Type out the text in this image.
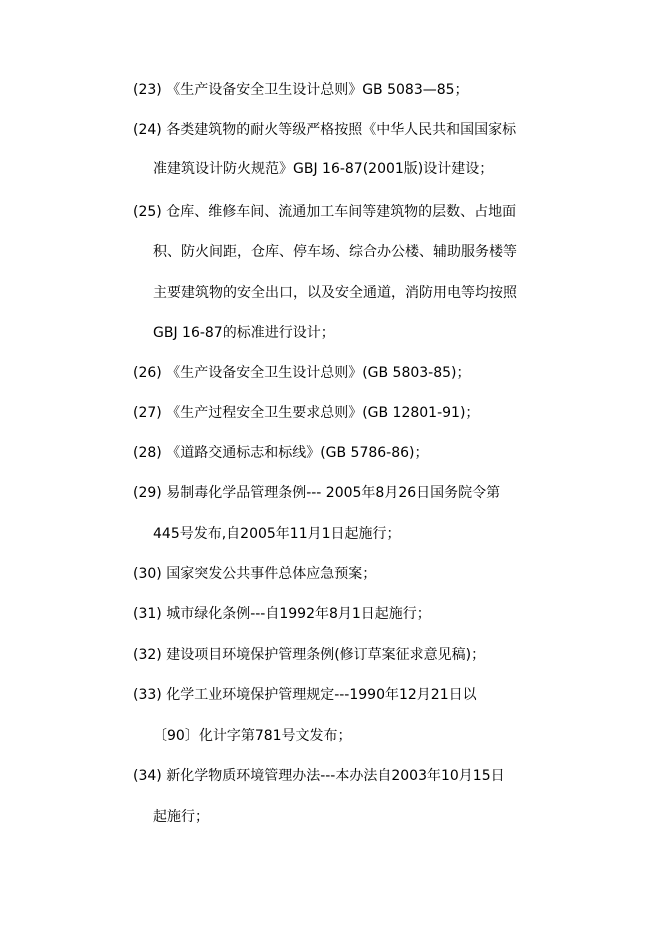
(23) 《生产设备安全卫生设计总则》GB 5083—85；
(24) 各类建筑物的耐火等级严格按照《中华人民共和国国家标
准建筑设计防火规范》GBJ 16-87(2001版)设计建设；
(25) 仓库、维修车间、流通加工车间等建筑物的层数、占地面
积、防火间距，仓库、停车场、综合办公楼、辅助服务楼等
主要建筑物的安全出口，以及安全通道，消防用电等均按照
GBJ 16-87的标准进行设计；
(26) 《生产设备安全卫生设计总则》(GB 5803-85)；
(27) 《生产过程安全卫生要求总则》(GB 12801-91)；
(28) 《道路交通标志和标线》(GB 5786-86)；
(29) 易制毒化学品管理条例--- 2005年8月26日国务院令第
445号发布,自2005年11月1日起施行；
(30) 国家突发公共事件总体应急预案；
(31) 城市绿化条例---自1992年8月1日起施行；
(32) 建设项目环境保护管理条例(修订草案征求意见稿)；
(33) 化学工业环境保护管理规定---1990年12月21日以
〔90〕化计字第781号文发布；
(34) 新化学物质环境管理办法---本办法自2003年10月15日
起施行；
